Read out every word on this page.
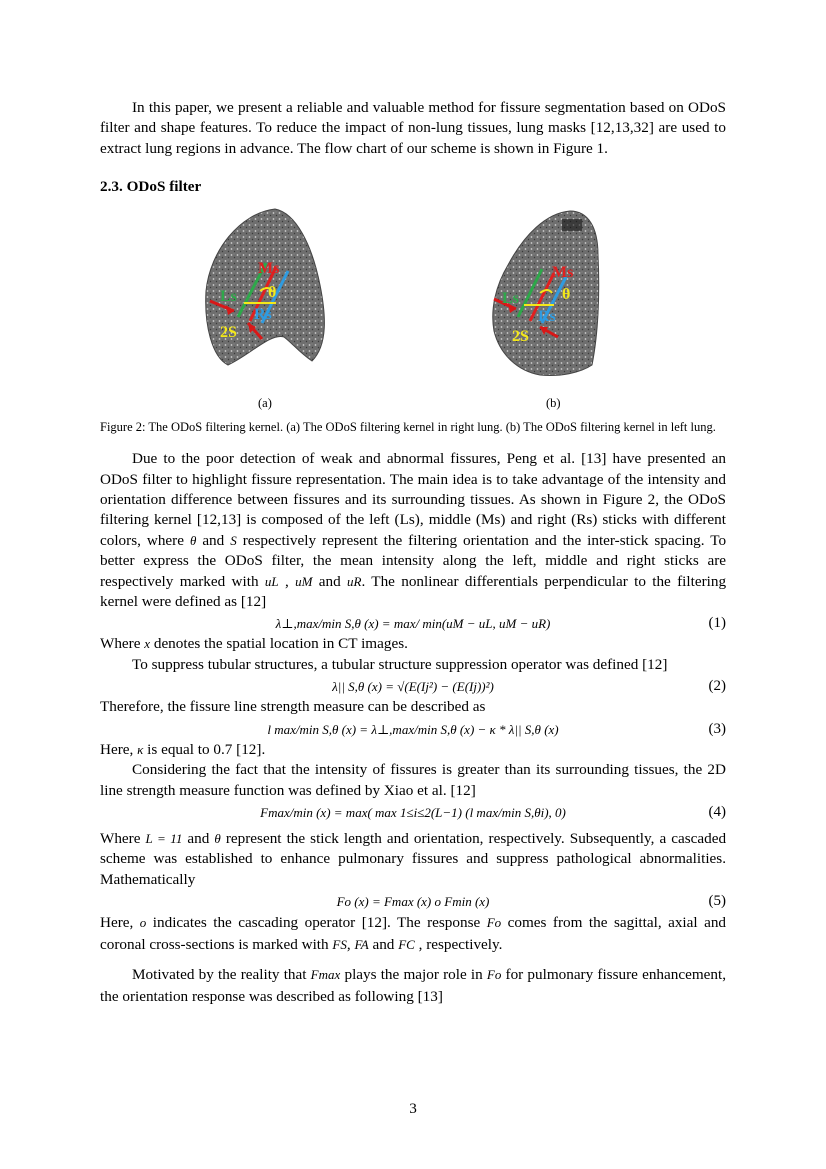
In this paper, we present a reliable and valuable method for fissure segmentation based on ODoS filter and shape features. To reduce the impact of non-lung tissues, lung masks [12,13,32] are used to extract lung regions in advance. The flow chart of our scheme is shown in Figure 1.

2.3. ODoS filter
Ms
Ls θ
Rs
2S
(a)
Ms
Ls	θ
Rs
2S
(b)

Figure 2: The ODoS filtering kernel. (a) The ODoS filtering kernel in right lung. (b) The ODoS filtering kernel in left lung.

Due to the poor detection of weak and abnormal fissures, Peng et al. [13] have presented an ODoS filter to highlight fissure representation. The main idea is to take advantage of the intensity and orientation difference between fissures and its surrounding tissues. As shown in Figure 2, the ODoS filtering kernel [12,13] is composed of the left (Ls), middle (Ms) and right (Rs) sticks with different colors, where θ and S respectively represent the filtering orientation and the inter-stick spacing. To better express the ODoS filter, the mean intensity along the left, middle and right sticks are respectively marked with uL , uM and uR. The nonlinear differentials perpendicular to the filtering kernel were defined as [12]

λ⊥,max/min S,θ (x) = max/ min(uM − uL, uM − uR)	(1)

Where x denotes the spatial location in CT images.

To suppress tubular structures, a tubular structure suppression operator was defined [12]

λ|| S,θ (x) = √(E(Ij²) − (E(Ij))²)	(2)

Therefore, the fissure line strength measure can be described as

l max/min S,θ (x) = λ⊥,max/min S,θ (x) − κ * λ|| S,θ (x)	(3)

Here, κ is equal to 0.7 [12].

Considering the fact that the intensity of fissures is greater than its surrounding tissues, the 2D line strength measure function was defined by Xiao et al. [12]

Fmax/min (x) = max( max 1≤i≤2(L−1) (l max/min S,θi), 0)	(4)

Where L = 11 and θ represent the stick length and orientation, respectively. Subsequently, a cascaded scheme was established to enhance pulmonary fissures and suppress pathological abnormalities. Mathematically

Fo (x) = Fmax (x) o Fmin (x)	(5)

Here, o indicates the cascading operator [12]. The response Fo comes from the sagittal, axial and coronal cross-sections is marked with FS, FA and FC , respectively.

Motivated by the reality that Fmax plays the major role in Fo for pulmonary fissure enhancement, the orientation response was described as following [13]

3
